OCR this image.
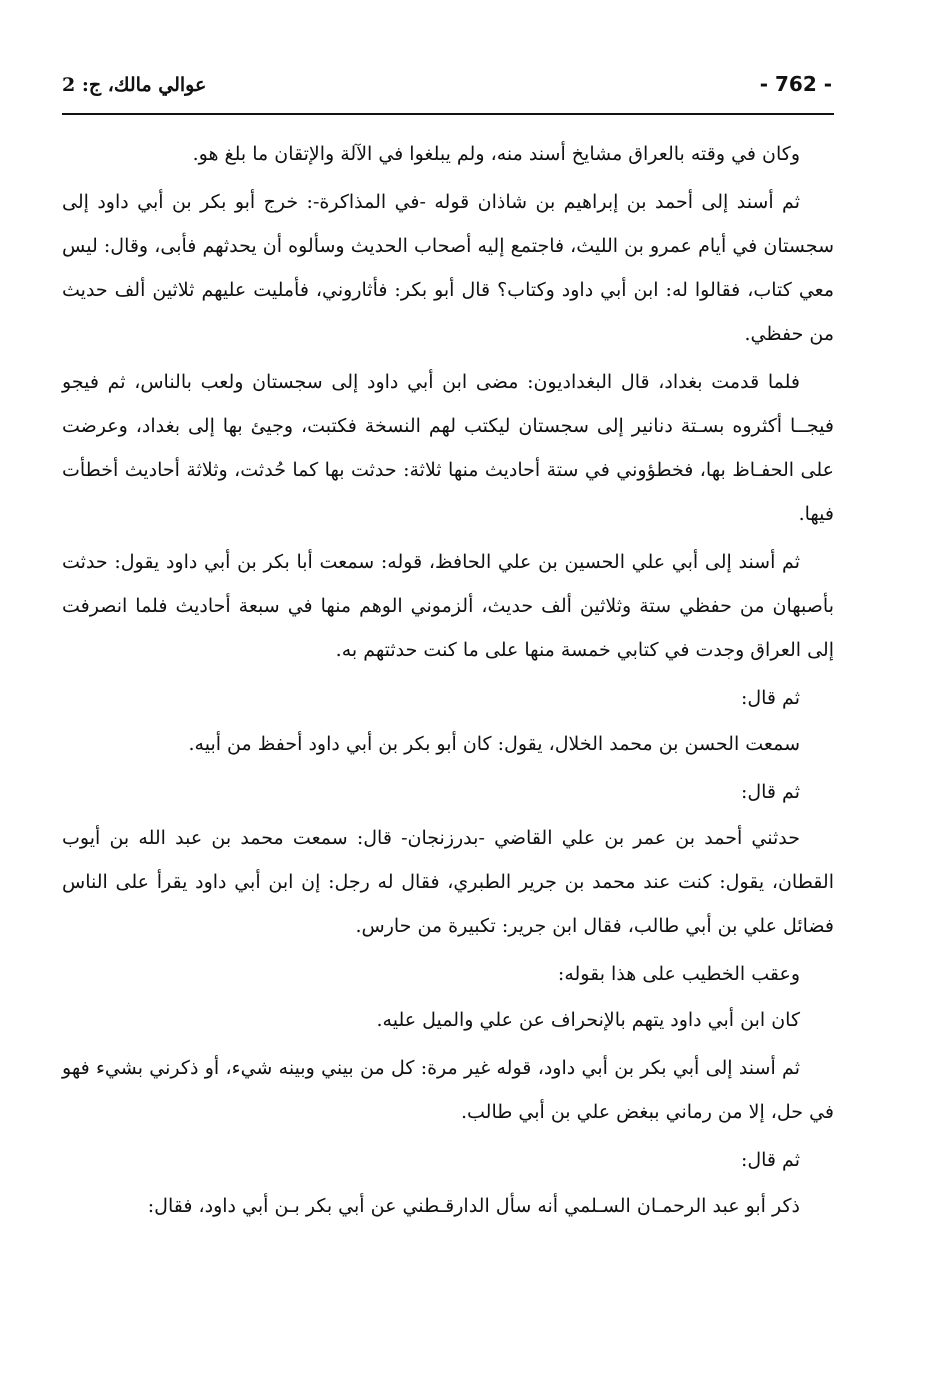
عوالي مالك، ج: 2	- 762 -

وكان في وقته بالعراق مشايخ أسند منه، ولم يبلغوا في الآلة والإتقان ما بلغ هو.

ثم أسند إلى أحمد بن إبراهيم بن شاذان قوله -في المذاكرة-: خرج أبو بكر بن أبي داود إلى سجستان في أيام عمرو بن الليث، فاجتمع إليه أصحاب الحديث وسألوه أن يحدثهم فأبى، وقال: ليس معي كتاب، فقالوا له: ابن أبي داود وكتاب؟ قال أبو بكر: فأثاروني، فأمليت عليهم ثلاثين ألف حديث من حفظي.

فلما قدمت بغداد، قال البغداديون: مضى ابن أبي داود إلى سجستان ولعب بالناس، ثم فيجو فيجــا أكثروه بسـتة دنانير إلى سجستان ليكتب لهم النسخة فكتبت، وجيئ بها إلى بغداد، وعرضت على الحفـاظ بها، فخطؤوني في ستة أحاديث منها ثلاثة: حدثت بها كما حُدثت، وثلاثة أحاديث أخطأت فيها.

ثم أسند إلى أبي علي الحسين بن علي الحافظ، قوله: سمعت أبا بكر بن أبي داود يقول: حدثت بأصبهان من حفظي ستة وثلاثين ألف حديث، ألزموني الوهم منها في سبعة أحاديث فلما انصرفت إلى العراق وجدت في كتابي خمسة منها على ما كنت حدثتهم به.

ثم قال:

سمعت الحسن بن محمد الخلال، يقول: كان أبو بكر بن أبي داود أحفظ من أبيه.

ثم قال:

حدثني أحمد بن عمر بن علي القاضي -بدرزنجان- قال: سمعت محمد بن عبد الله بن أيوب القطان، يقول: كنت عند محمد بن جرير الطبري، فقال له رجل: إن ابن أبي داود يقرأ على الناس فضائل علي بن أبي طالب، فقال ابن جرير: تكبيرة من حارس.

وعقب الخطيب على هذا بقوله:

كان ابن أبي داود يتهم بالإنحراف عن علي والميل عليه.

ثم أسند إلى أبي بكر بن أبي داود، قوله غير مرة: كل من بيني وبينه شيء، أو ذكرني بشيء فهو في حل، إلا من رماني ببغض علي بن أبي طالب.

ثم قال:

ذكر أبو عبد الرحمـان السـلمي أنه سأل الدارقـطني عن أبي بكر بـن أبي داود، فقال:
